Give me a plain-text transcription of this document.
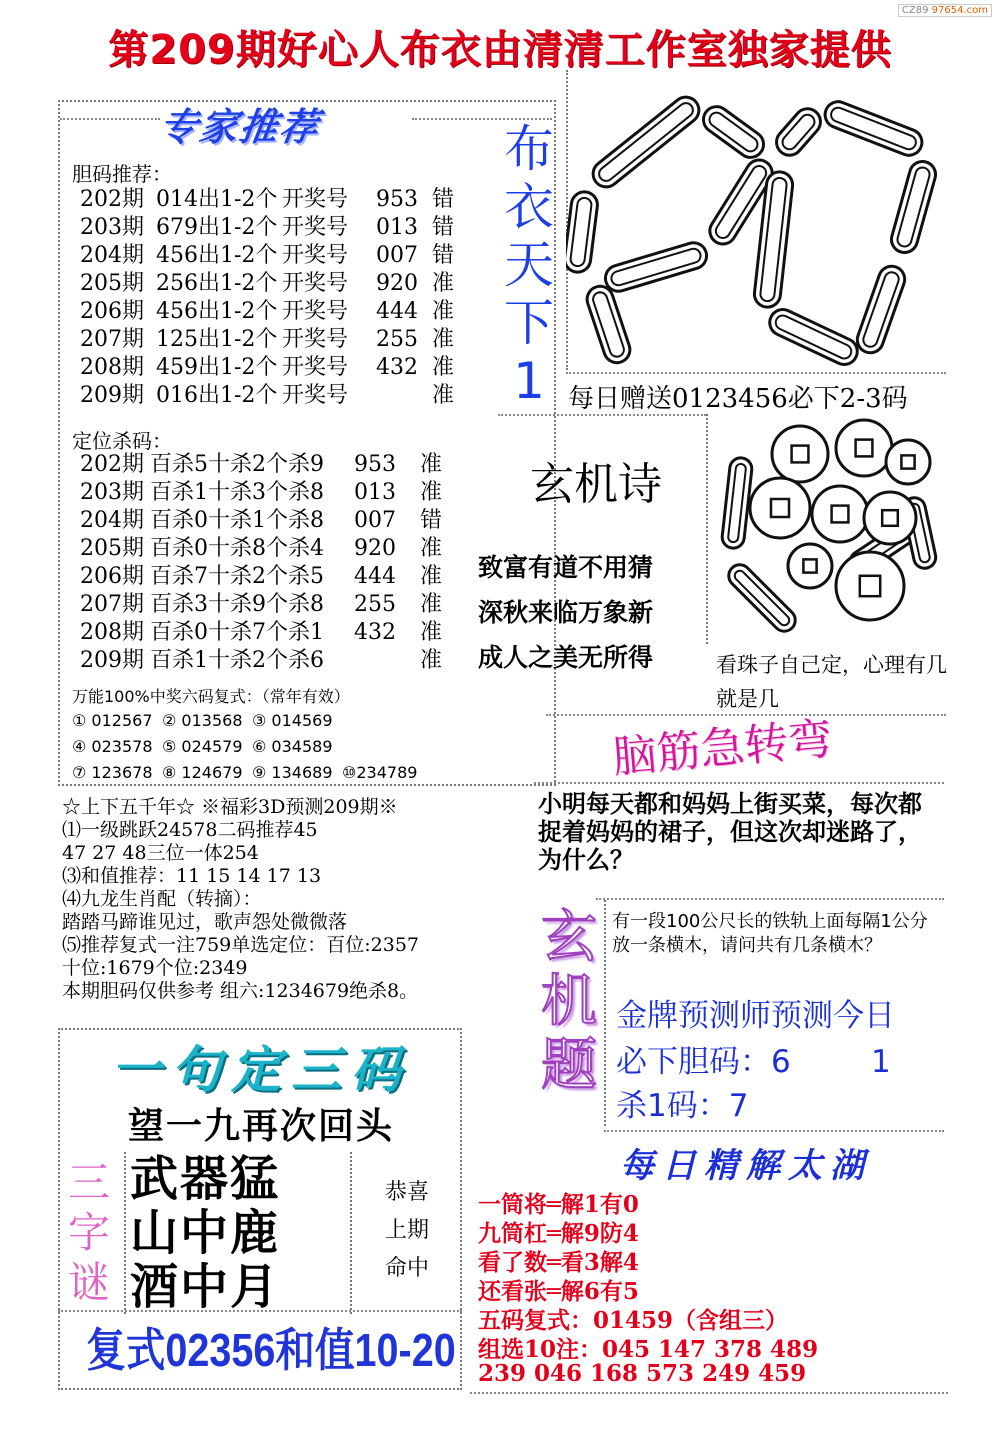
CZ89 97654.com
第209期好心人布衣由清清工作室独家提供
专家推荐
胆码推荐：
202期 014出1-2个 开奖号 953 错
203期 679出1-2个 开奖号 013 错
204期 456出1-2个 开奖号 007 错
205期 256出1-2个 开奖号 920 准
206期 456出1-2个 开奖号 444 准
207期 125出1-2个 开奖号 255 准
208期 459出1-2个 开奖号 432 准
209期 016出1-2个 开奖号	准
定位杀码：
202期 百杀5十杀2个杀9 953 准
203期 百杀1十杀3个杀8 013 准
204期 百杀0十杀1个杀8 007 错
205期 百杀0十杀8个杀4 920 准
206期 百杀7十杀2个杀5 444 准
207期 百杀3十杀9个杀8 255 准
208期 百杀0十杀7个杀1 432 准
209期 百杀1十杀2个杀6	准
万能100%中奖六码复式：（常年有效）
① 012567 ② 013568 ③ 014569
④ 023578 ⑤ 024579 ⑥ 034589
⑦ 123678 ⑧ 124679 ⑨ 134689 ⑩234789
☆上下五千年☆ ※福彩3D预测209期※
⑴一级跳跃24578二码推荐45
47 27 48三位一体254
⑶和值推荐：11 15 14 17 13
⑷九龙生肖配（转摘）：
踏踏马蹄谁见过，歌声怨处微微落
⑸推荐复式一注759单选定位：百位:2357
十位:1679个位:2349
本期胆码仅供参考 组六:1234679绝杀8。
一句定三码
望一九再次回头
三字谜
武器猛
山中鹿
酒中月
恭喜
上期
命中
复式02356和值10-20
布
衣
天
下
1 每日赠送0123456必下2-3码
玄机诗
致富有道不用猜
深秋来临万象新
成人之美无所得	看珠子自己定，心理有几就是几
脑筋急转弯
小明每天都和妈妈上街买菜，每次都捉着妈妈的裙子，但这次却迷路了，为什么？
玄
机
题
有一段100公尺长的铁轨上面每隔1公分放一条横木，请问共有几条横木？
金牌预测师预测今日
必下胆码：6	1
杀1码：7
每日精解太湖
一筒将═解1有0
九筒杠═解9防4
看了数═看3解4
还看张═解6有5
五码复式：01459（含组三）
组选10注：045 147 378 489
239 046 168 573 249 459
